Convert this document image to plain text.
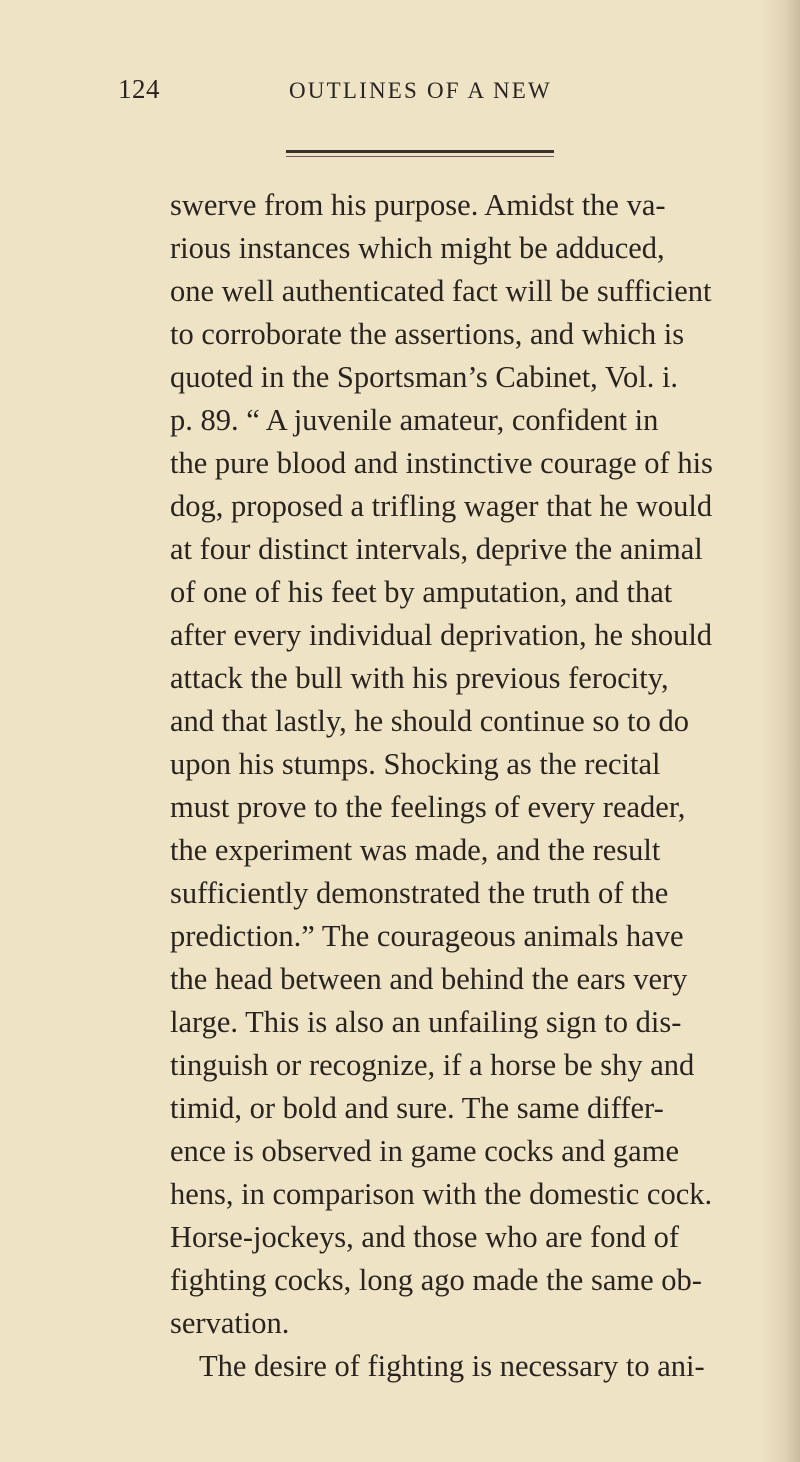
124	OUTLINES OF A NEW
swerve from his purpose. Amidst the va-
rious instances which might be adduced,
one well authenticated fact will be sufficient
to corroborate the assertions, and which is
quoted in the Sportsman’s Cabinet, Vol. i.
p. 89. “ A juvenile amateur, confident in
the pure blood and instinctive courage of his
dog, proposed a trifling wager that he would
at four distinct intervals, deprive the animal
of one of his feet by amputation, and that
after every individual deprivation, he should
attack the bull with his previous ferocity,
and that lastly, he should continue so to do
upon his stumps. Shocking as the recital
must prove to the feelings of every reader,
the experiment was made, and the result
sufficiently demonstrated the truth of the
prediction.” The courageous animals have
the head between and behind the ears very
large. This is also an unfailing sign to dis-
tinguish or recognize, if a horse be shy and
timid, or bold and sure. The same differ-
ence is observed in game cocks and game
hens, in comparison with the domestic cock.
Horse-jockeys, and those who are fond of
fighting cocks, long ago made the same ob-
servation.
The desire of fighting is necessary to ani-
